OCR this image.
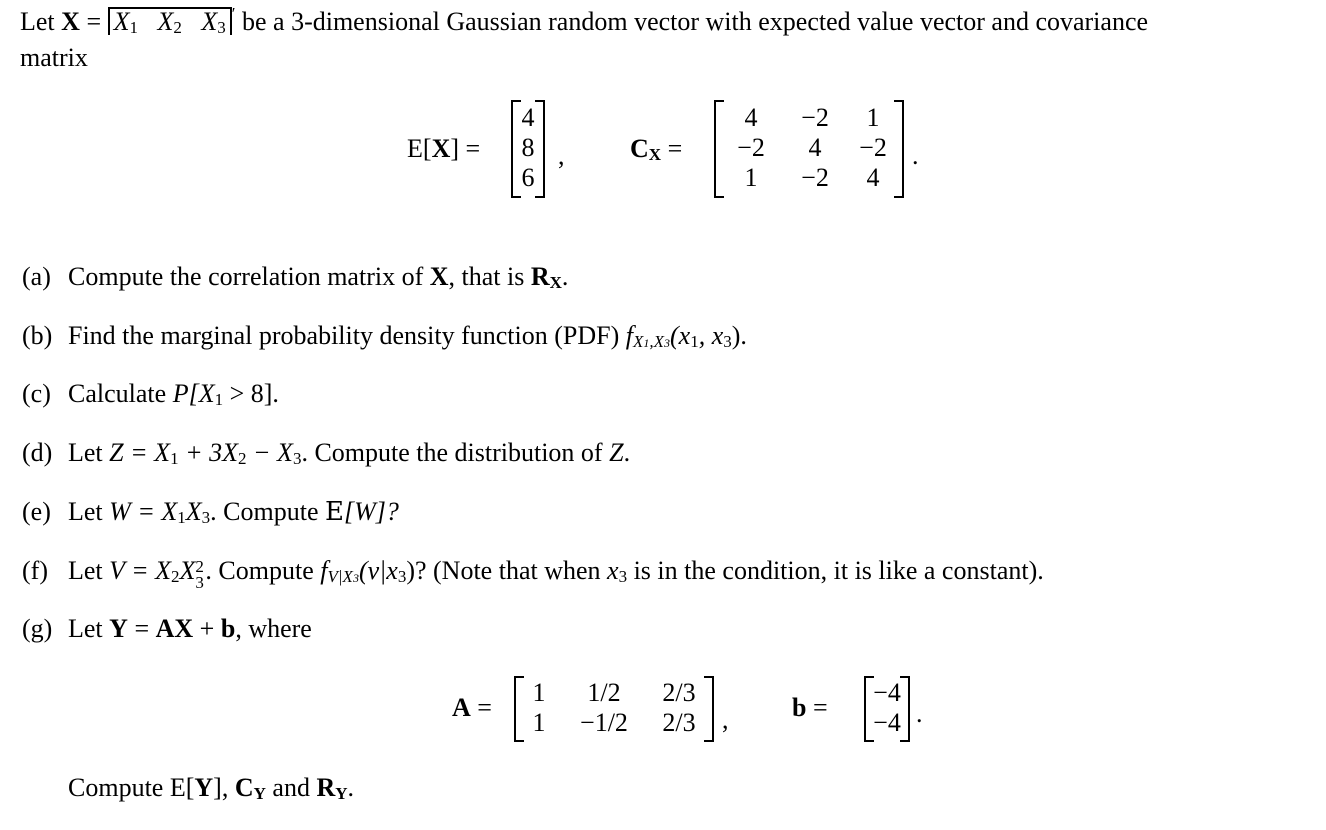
Let $X = X_1$ $X_2$ $X_3'$ be a 3-dimensional Gaussian random vector with expected value vector and covariance
matrix
E[X] =
4
8
6
,	$C_X$ =
4	−2	1
−2	4	−2
1	−2	4
.
(a) Compute the correlation matrix of X, that is $R_X$.
(b) Find the marginal probability density function (PDF) $f_{X1,X3}(x_1$, $x_3$).
(c) Calculate $P[X_1 > 8]$.
(d) Let $Z = X_1 + 3X_2 - X_3$. Compute the distribution of Z.
(e) Let $W = X_1X_3$. Compute E[W]?
(f) Let $V = X_2X$ 2
3 . Compute $f_{V|X3}(v|x_3)$? (Note that when $x_3$ is in the condition, it is like a constant).
(g) Let Y = AX + b, where
A =
1	1/2	2/3
1	−1/2	2/3	, b =
−4
−4 .
Compute E[Y], $C_Y$ and $R_Y$.
